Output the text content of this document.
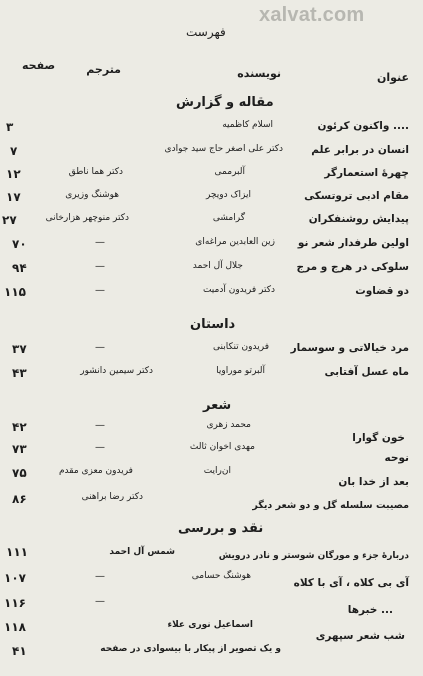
xalvat.com
فهرست
عنوان
نویسنده
مترجم
صفحه
مقاله و گزارش
واکنون کرئون ....
اسلام کاظمیه
۳
انسان در برابر علم
دکتر علی اصغر حاج سید جوادی
۷
چهرهٔ استعمارگر
آلبرممی
دکتر هما ناطق
۱۲
مقام ادبی تروتسکی
ایزاک دویچر
هوشنگ وزیری
۱۷
پیدایش روشنفکران
گرامشی
دکتر منوچهر هزارخانی
۲۷
اولین طرفدار شعر نو
زین العابدین مراغه‌ای
—
۷۰
سلوکی در هرج و مرج
جلال آل احمد
—
۹۴
دو قضاوت
دکتر فریدون آدمیت
—
۱۱۵
داستان
مرد خیالاتی و سوسمار
فریدون تنکابنی
—
۳۷
ماه عسل آفتابی
آلبرتو موراویا
دکتر سیمین دانشور
۴۳
شعر
خون گوارا
محمد زهری
—
۴۲
نوحه
مهدی اخوان ثالث
—
۷۳
بعد از خدا بان
ان‌رایت
فریدون معزی مقدم
۷۵
مصیبت سلسله گل و دو شعر دیگر
دکتر رضا براهنی
۸۶
نقد و بررسی
دربارهٔ جزء و مورگان شوستر و نادر درویش
شمس آل احمد
۱۱۱
آی بی کلاه ، آی با کلاه
هوشنگ حسامی
—
۱۰۷
خبرها ...
—
۱۱۶
شب شعر سپهری
اسماعیل نوری علاء
۱۱۸
و یک تصویر از پیکار با بیسوادی در صفحه
۴۱
